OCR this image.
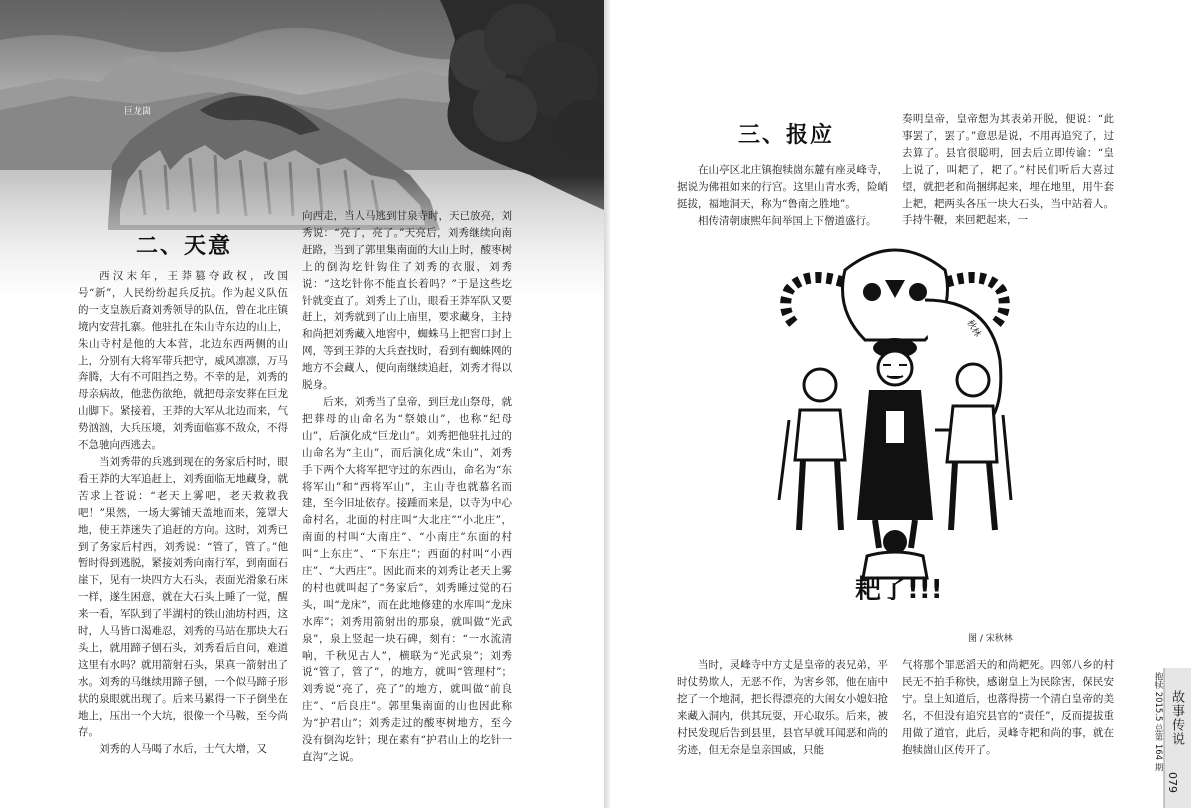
巨龙崮
二、天意

西汉末年，王莽篡夺政权，改国号“新”，人民纷纷起兵反抗。作为起义队伍的一支皇族后裔刘秀领导的队伍，曾在北庄镇境内安营扎寨。他驻扎在朱山寺东边的山上，朱山寺村是他的大本营，北边东西两侧的山上，分别有大将军带兵把守，威风凛凛，万马奔腾，大有不可阻挡之势。不幸的是，刘秀的母亲病故，他悲伤欲绝，就把母亲安葬在巨龙山脚下。紧接着，王莽的大军从北边而来，气势汹汹，大兵压境，刘秀面临寡不敌众，不得不急驰向西逃去。

当刘秀带的兵逃到现在的务家后村时，眼看王莽的大军追赶上，刘秀面临无地藏身，就苦求上苍说：“老天上雾吧，老天救救我吧！”果然，一场大雾铺天盖地而来，笼罩大地，使王莽迷失了追赶的方向。这时，刘秀已到了务家后村西，刘秀说：“管了，管了。”他暂时得到逃脱，紧接刘秀向南行军，到南面石崖下，见有一块四方大石头，表面光滑象石床一样，遂生困意，就在大石头上睡了一觉，醒来一看，军队到了半湖村的铁山油坊村西，这时，人马皆口渴难忍，刘秀的马站在那块大石头上，就用蹄子刨石头，刘秀看后自问，难道这里有水吗？就用箭射石头，果真一箭射出了水。刘秀的马继续用蹄子刨，一个似马蹄子形状的泉眼就出现了。后来马累得一下子倒坐在地上，压出一个大坑，很像一个马鞍，至今尚存。

刘秀的人马喝了水后，士气大增，又

向西走，当人马逃到甘泉寺时，天已放亮，刘秀说：“亮了，亮了。”天亮后，刘秀继续向南赶路，当到了郭里集南面的大山上时，酸枣树上的倒沟圪针钩住了刘秀的衣服，刘秀说：“这圪针你不能直长着吗？”于是这些圪针就变直了。刘秀上了山，眼看王莽军队又要赶上，刘秀就到了山上庙里，要求藏身，主持和尚把刘秀藏入地窖中，蜘蛛马上把窖口封上网，等到王莽的大兵查找时，看到有蜘蛛网的地方不会藏人，便向南继续追赶，刘秀才得以脱身。

后来，刘秀当了皇帝，到巨龙山祭母，就把葬母的山命名为“祭娘山”，也称“纪母山”，后演化成“巨龙山”。刘秀把他驻扎过的山命名为“主山”，而后演化成“朱山”，刘秀手下两个大将军把守过的东西山，命名为“东将军山”和“西将军山”，主山寺也就慕名而建，至今旧址依存。接踵而来是，以寺为中心命村名，北面的村庄叫“大北庄”“小北庄”，南面的村叫“大南庄”、“小南庄”东面的村叫“上东庄”、“下东庄”；西面的村叫“小西庄”、“大西庄”。因此而来的刘秀让老天上雾的村也就叫起了“务家后”，刘秀睡过觉的石头，叫“龙床”，而在此地修建的水库叫“龙床水库”；刘秀用箭射出的那泉，就叫做“光武泉”，泉上竖起一块石碑，刻有：“一水流清响，千秋见古人”，横联为“光武泉”；刘秀说“管了，管了”，的地方，就叫“管理村”；刘秀说“亮了，亮了”的地方，就叫做“前良庄”、“后良庄”。郭里集南面的山也因此称为“护君山”；刘秀走过的酸枣树地方，至今没有倒沟圪针；现在素有“护君山上的圪针一直沟”之说。

三、报应

在山亭区北庄镇抱犊崮东麓有座灵峰寺，据说为佛祖如来的行宫。这里山青水秀，险峭挺拔，福地洞天，称为“鲁南之胜地”。

相传清朝康熙年间举国上下僧道盛行。

奏明皇帝，皇帝想为其表弟开脱，便说：“此事罢了，罢了。”意思是说，不用再追究了，过去算了。县官很聪明，回去后立即传谕：“皇上说了，叫耙了，耙了。”村民们听后大喜过望，就把老和尚捆绑起来，埋在地里，用牛套上耙，耙两头各压一块大石头，当中站着人。手持牛鞭，来回耙起来，一

秋林
耙了!!!
图 / 宋秋林

当时，灵峰寺中方丈是皇帝的表兄弟，平时仗势欺人，无恶不作，为害乡邻，他在庙中挖了一个地洞，把长得漂亮的大闺女小媳妇抢来藏入洞内，供其玩耍，开心取乐。后来，被村民发现后告到县里，县官早就耳闻恶和尚的劣迹，但无奈是皇亲国戚，只能

气将那个罪恶滔天的和尚耙死。四邻八乡的村民无不拍手称快，感谢皇上为民除害，保民安宁。皇上知道后，也落得捞一个清白皇帝的美名，不但没有追究县官的“责任”，反而提拔重用做了道官，此后，灵峰寺耙和尚的事，就在抱犊崮山区传开了。	抱犊 2015.5 总第 164 期 故事传说
079
